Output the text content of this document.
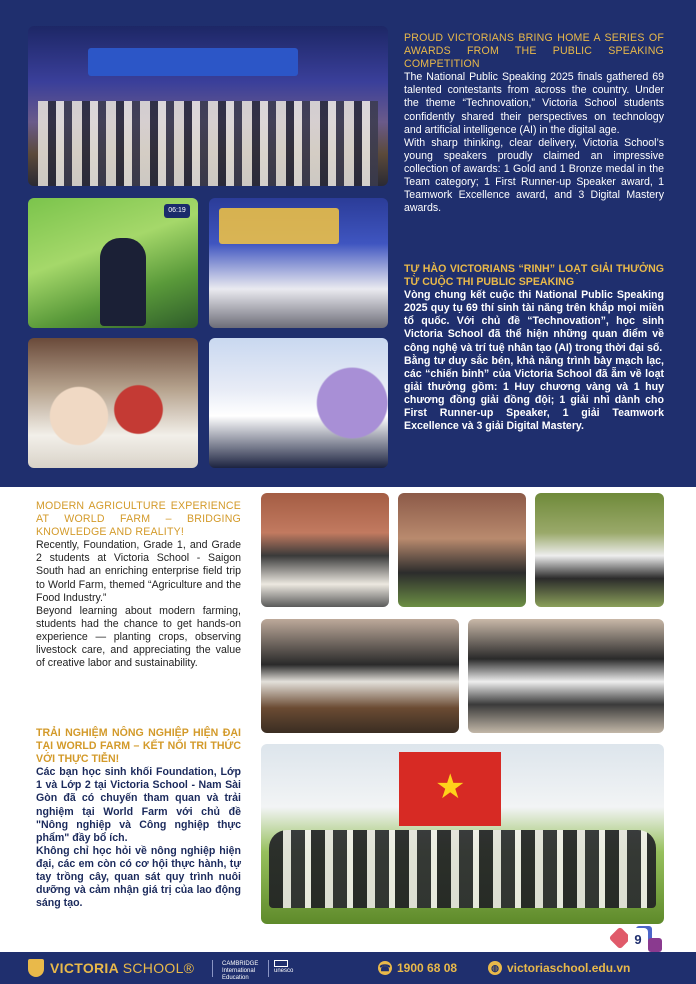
06:19

PROUD VICTORIANS BRING HOME A SERIES OF AWARDS FROM THE PUBLIC SPEAKING COMPETITION

The National Public Speaking 2025 finals gathered 69 talented contestants from across the country. Under the theme “Technovation,” Victoria School students confidently shared their perspectives on technology and artificial intelligence (AI) in the digital age.

With sharp thinking, clear delivery, Victoria School’s young speakers proudly claimed an impressive collection of awards: 1 Gold and 1 Bronze medal in the Team category; 1 First Runner-up Speaker award, 1 Teamwork Excellence award, and 3 Digital Mastery awards.

TỰ HÀO VICTORIANS “RINH” LOẠT GIẢI THƯỞNG TỪ CUỘC THI PUBLIC SPEAKING

Vòng chung kết cuộc thi National Public Speaking 2025 quy tụ 69 thí sinh tài năng trên khắp mọi miền tổ quốc. Với chủ đề “Technovation”, học sinh Victoria School đã thể hiện những quan điểm về công nghệ và trí tuệ nhân tạo (AI) trong thời đại số.

Bằng tư duy sắc bén, khả năng trình bày mạch lạc, các “chiến binh” của Victoria School đã ẵm về loạt giải thưởng gồm: 1 Huy chương vàng và 1 huy chương đồng giải đồng đội; 1 giải nhì dành cho First Runner-up Speaker, 1 giải Teamwork Excellence và 3 giải Digital Mastery.

MODERN AGRICULTURE EXPERIENCE AT WORLD FARM – BRIDGING KNOWLEDGE AND REALITY!

Recently, Foundation, Grade 1, and Grade 2 students at Victoria School - Saigon South had an enriching enterprise field trip to World Farm, themed “Agriculture and the Food Industry.”

Beyond learning about modern farming, students had the chance to get hands-on experience — planting crops, observing livestock care, and appreciating the value of creative labor and sustainability.

TRẢI NGHIỆM NÔNG NGHIỆP HIỆN ĐẠI TẠI WORLD FARM – KẾT NỐI TRI THỨC VỚI THỰC TIỄN!

Các bạn học sinh khối Foundation, Lớp 1 và Lớp 2 tại Victoria School - Nam Sài Gòn đã có chuyến tham quan và trải nghiệm tại World Farm với chủ đề "Nông nghiệp và Công nghiệp thực phẩm" đầy bổ ích.

Không chỉ học hỏi về nông nghiệp hiện đại, các em còn có cơ hội thực hành, tự tay trồng cây, quan sát quy trình nuôi dưỡng và cảm nhận giá trị của lao động sáng tạo.

★
9
VICTORIA SCHOOL®	CAMBRIDGE International Education
unesco	☎ 1900 68 08	◍ victoriaschool.edu.vn
